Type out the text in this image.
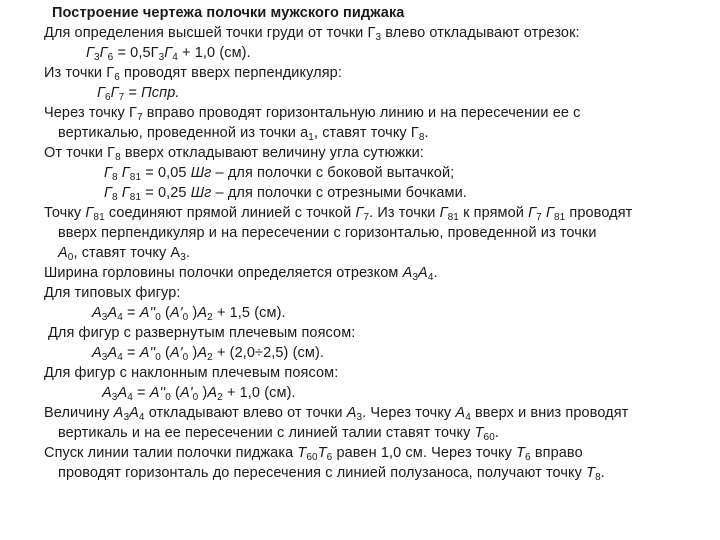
Построение чертежа полочки мужского пиджака
Для определения высшей точки груди от точки $Г_3$ влево откладывают отрезок:
$Г_3Г_6 = 0,5Г_3Г_4 + 1,0$ (см).
Из точки $Г_6$ проводят вверх перпендикуляр:
$Г_6Г_7$ = Пспр.
Через точку $Г_7$ вправо проводят горизонтальную линию и на пересечении ее с
вертикалью, проведенной из точки $а_1$, ставят точку $Г_8$.
От точки $Г_8$ вверх откладывают величину угла сутюжки:
$Г_8$ $Г_{81} = 0,05$ Шг – для полочки с боковой вытачкой;
$Г_8$ $Г_{81} = 0,25$ Шг – для полочки с отрезными бочками.
Точку $Г_{81}$ соединяют прямой линией с точкой $Г_7$. Из точки $Г_{81}$ к прямой $Г_7$ $Г_{81}$ проводят
вверх перпендикуляр и на пересечении с горизонталью, проведенной из точки
$А_0$, ставят точку $А_3$.
Ширина горловины полочки определяется отрезком $А_3А_4$.
Для типовых фигур:
$А_3А_4 = А''_0$ ($А'_0$ )$А_2 + 1,5$ (см).
Для фигур с развернутым плечевым поясом:
$А_3А_4 = А''_0$ ($А'_0$ )$А_2 + (2,0\div 2,5)$ (см).
Для фигур с наклонным плечевым поясом:
$А_3А_4 = А''_0$ ($А'_0$ )$А_2 + 1,0$ (см).
Величину $А_3А_4$ откладывают влево от точки $А_3$. Через точку $А_4$ вверх и вниз проводят
вертикаль и на ее пересечении с линией талии ставят точку $Т_{60}$.
Спуск линии талии полочки пиджака $Т_{60}Т_6$ равен 1,0 см. Через точку $Т_6$ вправо
проводят горизонталь до пересечения с линией полузаноса, получают точку $Т_8$.
